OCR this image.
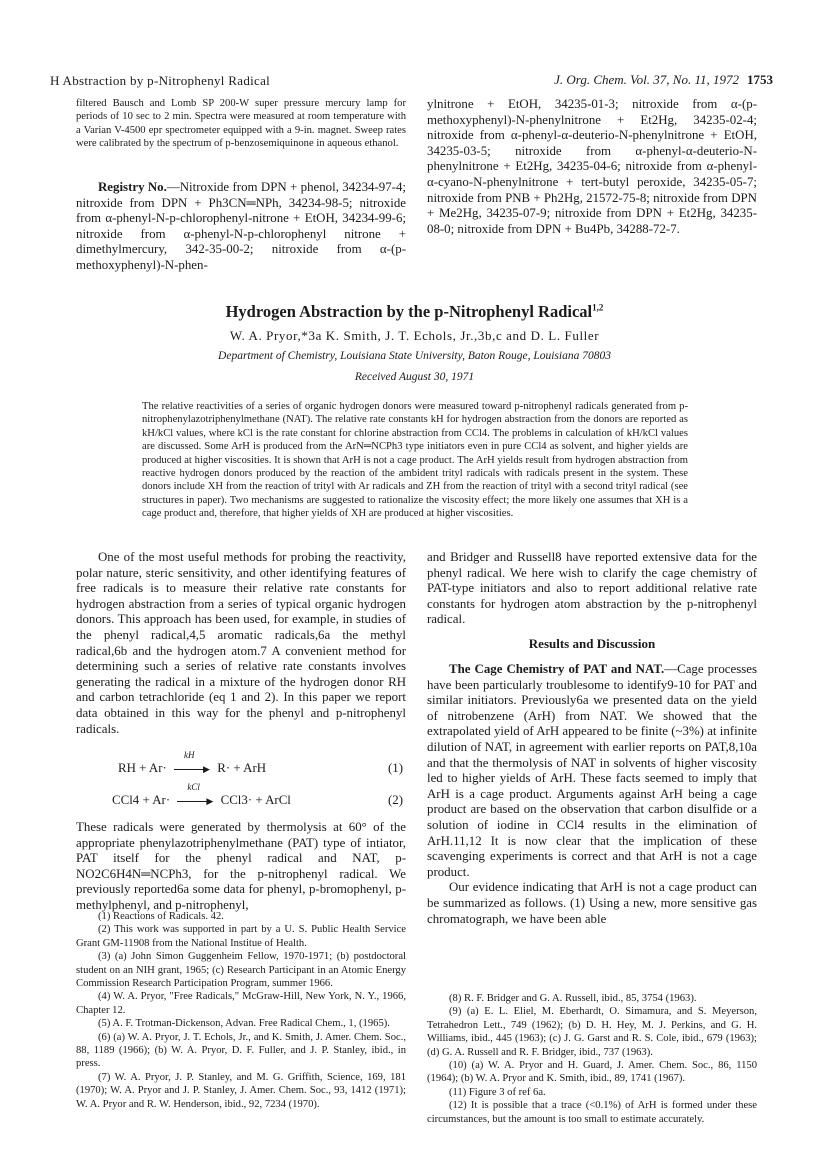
H Abstraction by p-Nitrophenyl Radical	J. Org. Chem. Vol. 37, No. 11, 1972 1753

filtered Bausch and Lomb SP 200-W super pressure mercury lamp for periods of 10 sec to 2 min. Spectra were measured at room temperature with a Varian V-4500 epr spectrometer equipped with a 9-in. magnet. Sweep rates were calibrated by the spectrum of p-benzosemiquinone in aqueous ethanol.

Registry No.—Nitroxide from DPN + phenol, 34234-97-4; nitroxide from DPN + Ph3CN═NPh, 34234-98-5; nitroxide from α-phenyl-N-p-chlorophenyl-nitrone + EtOH, 34234-99-6; nitroxide from α-phenyl-N-p-chlorophenyl nitrone + dimethylmercury, 342-35-00-2; nitroxide from α-(p-methoxyphenyl)-N-phen-

ylnitrone + EtOH, 34235-01-3; nitroxide from α-(p-methoxyphenyl)-N-phenylnitrone + Et2Hg, 34235-02-4; nitroxide from α-phenyl-α-deuterio-N-phenylnitrone + EtOH, 34235-03-5; nitroxide from α-phenyl-α-deuterio-N-phenylnitrone + Et2Hg, 34235-04-6; nitroxide from α-phenyl-α-cyano-N-phenylnitrone + tert-butyl peroxide, 34235-05-7; nitroxide from PNB + Ph2Hg, 21572-75-8; nitroxide from DPN + Me2Hg, 34235-07-9; nitroxide from DPN + Et2Hg, 34235-08-0; nitroxide from DPN + Bu4Pb, 34288-72-7.

Hydrogen Abstraction by the p-Nitrophenyl Radical$^{1,2}$
W. A. Pryor,*3a K. Smith, J. T. Echols, Jr.,3b,c and D. L. Fuller
Department of Chemistry, Louisiana State University, Baton Rouge, Louisiana 70803
Received August 30, 1971
The relative reactivities of a series of organic hydrogen donors were measured toward p-nitrophenyl radicals generated from p-nitrophenylazotriphenylmethane (NAT). The relative rate constants kH for hydrogen abstraction from the donors are reported as kH/kCl values, where kCl is the rate constant for chlorine abstraction from CCl4. The problems in calculation of kH/kCl values are discussed. Some ArH is produced from the ArN═NCPh3 type initiators even in pure CCl4 as solvent, and higher yields are produced at higher viscosities. It is shown that ArH is not a cage product. The ArH yields result from hydrogen abstraction from reactive hydrogen donors produced by the reaction of the ambident trityl radicals with radicals present in the system. These donors include XH from the reaction of trityl with Ar radicals and ZH from the reaction of trityl with a second trityl radical (see structures in paper). Two mechanisms are suggested to rationalize the viscosity effect; the more likely one assumes that XH is a cage product and, therefore, that higher yields of XH are produced at higher viscosities.

One of the most useful methods for probing the reactivity, polar nature, steric sensitivity, and other identifying features of free radicals is to measure their relative rate constants for hydrogen abstraction from a series of typical organic hydrogen donors. This approach has been used, for example, in studies of the phenyl radical,4,5 aromatic radicals,6a the methyl radical,6b and the hydrogen atom.7 A convenient method for determining such a series of relative rate constants involves generating the radical in a mixture of the hydrogen donor RH and carbon tetrachloride (eq 1 and 2). In this paper we report data obtained in this way for the phenyl and p-nitrophenyl radicals.

RH + Ar·
kH
▶ R· + ArH	(1)
CCl4 + Ar·
kCl
▶ CCl3· + ArCl	(2)

These radicals were generated by thermolysis at 60° of the appropriate phenylazotriphenylmethane (PAT) type of intiator, PAT itself for the phenyl radical and NAT, p-NO2C6H4N═NCPh3, for the p-nitrophenyl radical. We previously reported6a some data for phenyl, p-bromophenyl, p-methylphenyl, and p-nitrophenyl,

(1) Reactions of Radicals. 42.

(2) This work was supported in part by a U. S. Public Health Service Grant GM-11908 from the National Institue of Health.

(3) (a) John Simon Guggenheim Fellow, 1970-1971; (b) postdoctoral student on an NIH grant, 1965; (c) Research Participant in an Atomic Energy Commission Research Participation Program, summer 1966.

(4) W. A. Pryor, "Free Radicals," McGraw-Hill, New York, N. Y., 1966, Chapter 12.

(5) A. F. Trotman-Dickenson, Advan. Free Radical Chem., 1, (1965).

(6) (a) W. A. Pryor, J. T. Echols, Jr., and K. Smith, J. Amer. Chem. Soc., 88, 1189 (1966); (b) W. A. Pryor, D. F. Fuller, and J. P. Stanley, ibid., in press.

(7) W. A. Pryor, J. P. Stanley, and M. G. Griffith, Science, 169, 181 (1970); W. A. Pryor and J. P. Stanley, J. Amer. Chem. Soc., 93, 1412 (1971); W. A. Pryor and R. W. Henderson, ibid., 92, 7234 (1970).

and Bridger and Russell8 have reported extensive data for the phenyl radical. We here wish to clarify the cage chemistry of PAT-type initiators and also to report additional relative rate constants for hydrogen atom abstraction by the p-nitrophenyl radical.

Results and Discussion

The Cage Chemistry of PAT and NAT.—Cage processes have been particularly troublesome to identify9-10 for PAT and similar initiators. Previously6a we presented data on the yield of nitrobenzene (ArH) from NAT. We showed that the extrapolated yield of ArH appeared to be finite (~3%) at infinite dilution of NAT, in agreement with earlier reports on PAT,8,10a and that the thermolysis of NAT in solvents of higher viscosity led to higher yields of ArH. These facts seemed to imply that ArH is a cage product. Arguments against ArH being a cage product are based on the observation that carbon disulfide or a solution of iodine in CCl4 results in the elimination of ArH.11,12 It is now clear that the implication of these scavenging experiments is correct and that ArH is not a cage product.

Our evidence indicating that ArH is not a cage product can be summarized as follows. (1) Using a new, more sensitive gas chromatograph, we have been able

(8) R. F. Bridger and G. A. Russell, ibid., 85, 3754 (1963).

(9) (a) E. L. Eliel, M. Eberhardt, O. Simamura, and S. Meyerson, Tetrahedron Lett., 749 (1962); (b) D. H. Hey, M. J. Perkins, and G. H. Williams, ibid., 445 (1963); (c) J. G. Garst and R. S. Cole, ibid., 679 (1963); (d) G. A. Russell and R. F. Bridger, ibid., 737 (1963).

(10) (a) W. A. Pryor and H. Guard, J. Amer. Chem. Soc., 86, 1150 (1964); (b) W. A. Pryor and K. Smith, ibid., 89, 1741 (1967).

(11) Figure 3 of ref 6a.

(12) It is possible that a trace (<0.1%) of ArH is formed under these circumstances, but the amount is too small to estimate accurately.
